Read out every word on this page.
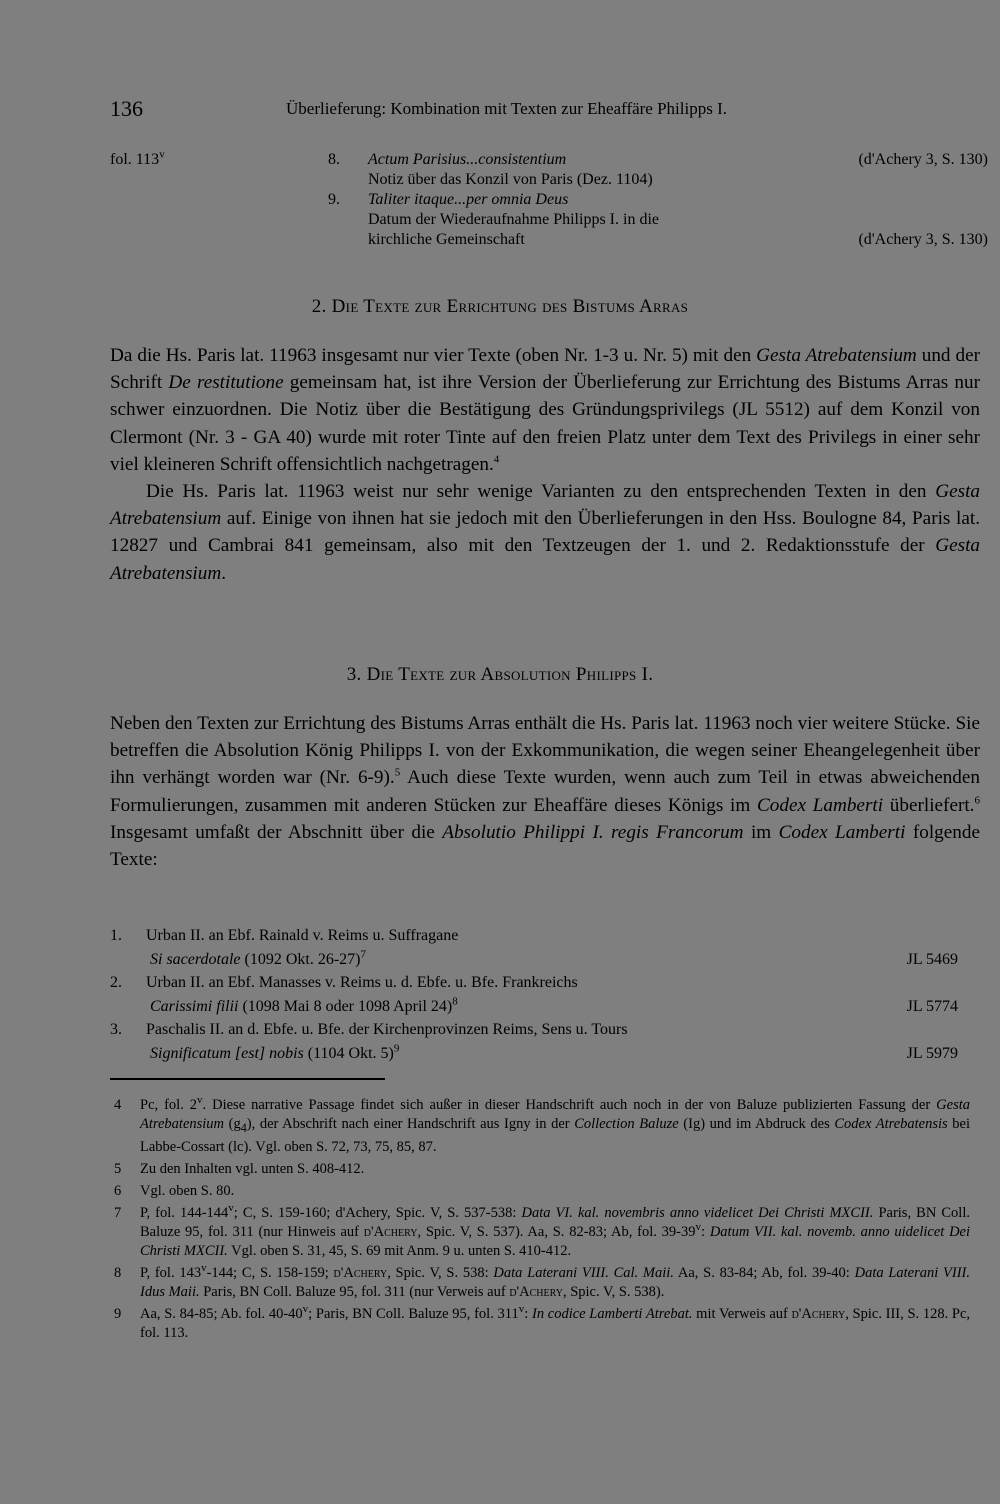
136	Überlieferung: Kombination mit Texten zur Eheaffäre Philipps I.
fol. 113$^v$	8. Actum Parisius...consistentium	(d'Achery 3, S. 130)
Notiz über das Konzil von Paris (Dez. 1104)
9. Taliter itaque...per omnia Deus
Datum der Wiederaufnahme Philipps I. in die
kirchliche Gemeinschaft	(d'Achery 3, S. 130)
2. Die Texte zur Errichtung des Bistums Arras

Da die Hs. Paris lat. 11963 insgesamt nur vier Texte (oben Nr. 1-3 u. Nr. 5) mit den Gesta Atrebatensium und der Schrift De restitutione gemeinsam hat, ist ihre Version der Überlieferung zur Errichtung des Bistums Arras nur schwer einzuordnen. Die Notiz über die Bestätigung des Gründungsprivilegs (JL 5512) auf dem Konzil von Clermont (Nr. 3 - GA 40) wurde mit roter Tinte auf den freien Platz unter dem Text des Privilegs in einer sehr viel kleineren Schrift offensichtlich nachgetragen.$^4$

Die Hs. Paris lat. 11963 weist nur sehr wenige Varianten zu den entsprechenden Texten in den Gesta Atrebatensium auf. Einige von ihnen hat sie jedoch mit den Überlieferungen in den Hss. Boulogne 84, Paris lat. 12827 und Cambrai 841 gemeinsam, also mit den Textzeugen der 1. und 2. Redaktionsstufe der Gesta Atrebatensium.

3. Die Texte zur Absolution Philipps I.

Neben den Texten zur Errichtung des Bistums Arras enthält die Hs. Paris lat. 11963 noch vier weitere Stücke. Sie betreffen die Absolution König Philipps I. von der Exkommunikation, die wegen seiner Eheangelegenheit über ihn verhängt worden war (Nr. 6-9).$^5$ Auch diese Texte wurden, wenn auch zum Teil in etwas abweichenden Formulierungen, zusammen mit anderen Stücken zur Eheaffäre dieses Königs im Codex Lamberti überliefert.$^6$ Insgesamt umfaßt der Abschnitt über die Absolutio Philippi I. regis Francorum im Codex Lamberti folgende Texte:

1. Urban II. an Ebf. Rainald v. Reims u. Suffragane
Si sacerdotale (1092 Okt. 26-27)$^7$	JL 5469
2. Urban II. an Ebf. Manasses v. Reims u. d. Ebfe. u. Bfe. Frankreichs
Carissimi filii (1098 Mai 8 oder 1098 April 24)$^8$	JL 5774
3. Paschalis II. an d. Ebfe. u. Bfe. der Kirchenprovinzen Reims, Sens u. Tours
Significatum [est] nobis (1104 Okt. 5)$^9$	JL 5979
4 Pc, fol. 2$^v$. Diese narrative Passage findet sich außer in dieser Handschrift auch noch in der von Baluze publizierten Fassung der Gesta Atrebatensium $(g_4)$, der Abschrift nach einer Handschrift aus Igny in der Collection Baluze (Ig) und im Abdruck des Codex Atrebatensis bei Labbe-Cossart (lc). Vgl. oben S. 72, 73, 75, 85, 87.
5 Zu den Inhalten vgl. unten S. 408-412.
6 Vgl. oben S. 80.
7 P, fol. 144-144$^v$; C, S. 159-160; d'Achery, Spic. V, S. 537-538: Data VI. kal. novembris anno videlicet Dei Christi MXCII. Paris, BN Coll. Baluze 95, fol. 311 (nur Hinweis auf d'Achery, Spic. V, S. 537). Aa, S. 82-83; Ab, fol. 39-39$^v$: Datum VII. kal. novemb. anno uidelicet Dei Christi MXCII. Vgl. oben S. 31, 45, S. 69 mit Anm. 9 u. unten S. 410-412.
8 P, fol. 143$^v$-144; C, S. 158-159; d'Achery, Spic. V, S. 538: Data Laterani VIII. Cal. Maii. Aa, S. 83-84; Ab, fol. 39-40: Data Laterani VIII. Idus Maii. Paris, BN Coll. Baluze 95, fol. 311 (nur Verweis auf d'Achery, Spic. V, S. 538).
9 Aa, S. 84-85; Ab. fol. 40-40$^v$; Paris, BN Coll. Baluze 95, fol. 311$^v$: In codice Lamberti Atrebat. mit Verweis auf d'Achery, Spic. III, S. 128. Pc, fol. 113.
